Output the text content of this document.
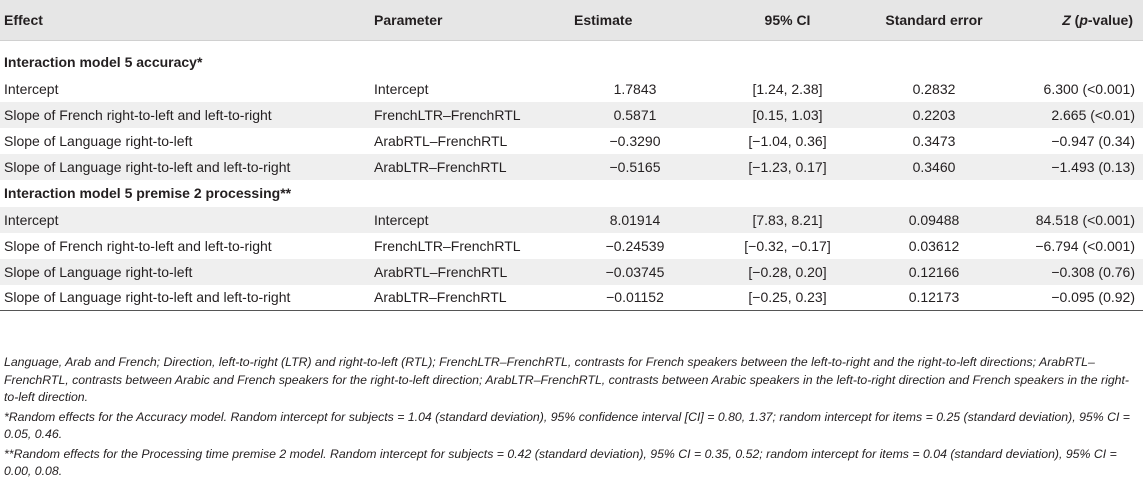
Effect	Parameter	Estimate	95% CI	Standard error	Z (p-value)
Interaction model 5 accuracy*					
Intercept	Intercept	1.7843	[1.24, 2.38]	0.2832	6.300 (<0.001)
Slope of French right-to-left and left-to-right	FrenchLTR–FrenchRTL	0.5871	[0.15, 1.03]	0.2203	2.665 (<0.01)
Slope of Language right-to-left	ArabRTL–FrenchRTL	−0.3290	[−1.04, 0.36]	0.3473	−0.947 (0.34)
Slope of Language right-to-left and left-to-right	ArabLTR–FrenchRTL	−0.5165	[−1.23, 0.17]	0.3460	−1.493 (0.13)
Interaction model 5 premise 2 processing**					
Intercept	Intercept	8.01914	[7.83, 8.21]	0.09488	84.518 (<0.001)
Slope of French right-to-left and left-to-right	FrenchLTR–FrenchRTL	−0.24539	[−0.32, −0.17]	0.03612	−6.794 (<0.001)
Slope of Language right-to-left	ArabRTL–FrenchRTL	−0.03745	[−0.28, 0.20]	0.12166	−0.308 (0.76)
Slope of Language right-to-left and left-to-right	ArabLTR–FrenchRTL	−0.01152	[−0.25, 0.23]	0.12173	−0.095 (0.92)

Language, Arab and French; Direction, left-to-right (LTR) and right-to-left (RTL); FrenchLTR–FrenchRTL, contrasts for French speakers between the left-to-right and the right-to-left directions; ArabRTL–FrenchRTL, contrasts between Arabic and French speakers for the right-to-left direction; ArabLTR–FrenchRTL, contrasts between Arabic speakers in the left-to-right direction and French speakers in the right-to-left direction.

*Random effects for the Accuracy model. Random intercept for subjects = 1.04 (standard deviation), 95% confidence interval [CI] = 0.80, 1.37; random intercept for items = 0.25 (standard deviation), 95% CI = 0.05, 0.46.

**Random effects for the Processing time premise 2 model. Random intercept for subjects = 0.42 (standard deviation), 95% CI = 0.35, 0.52; random intercept for items = 0.04 (standard deviation), 95% CI = 0.00, 0.08.
